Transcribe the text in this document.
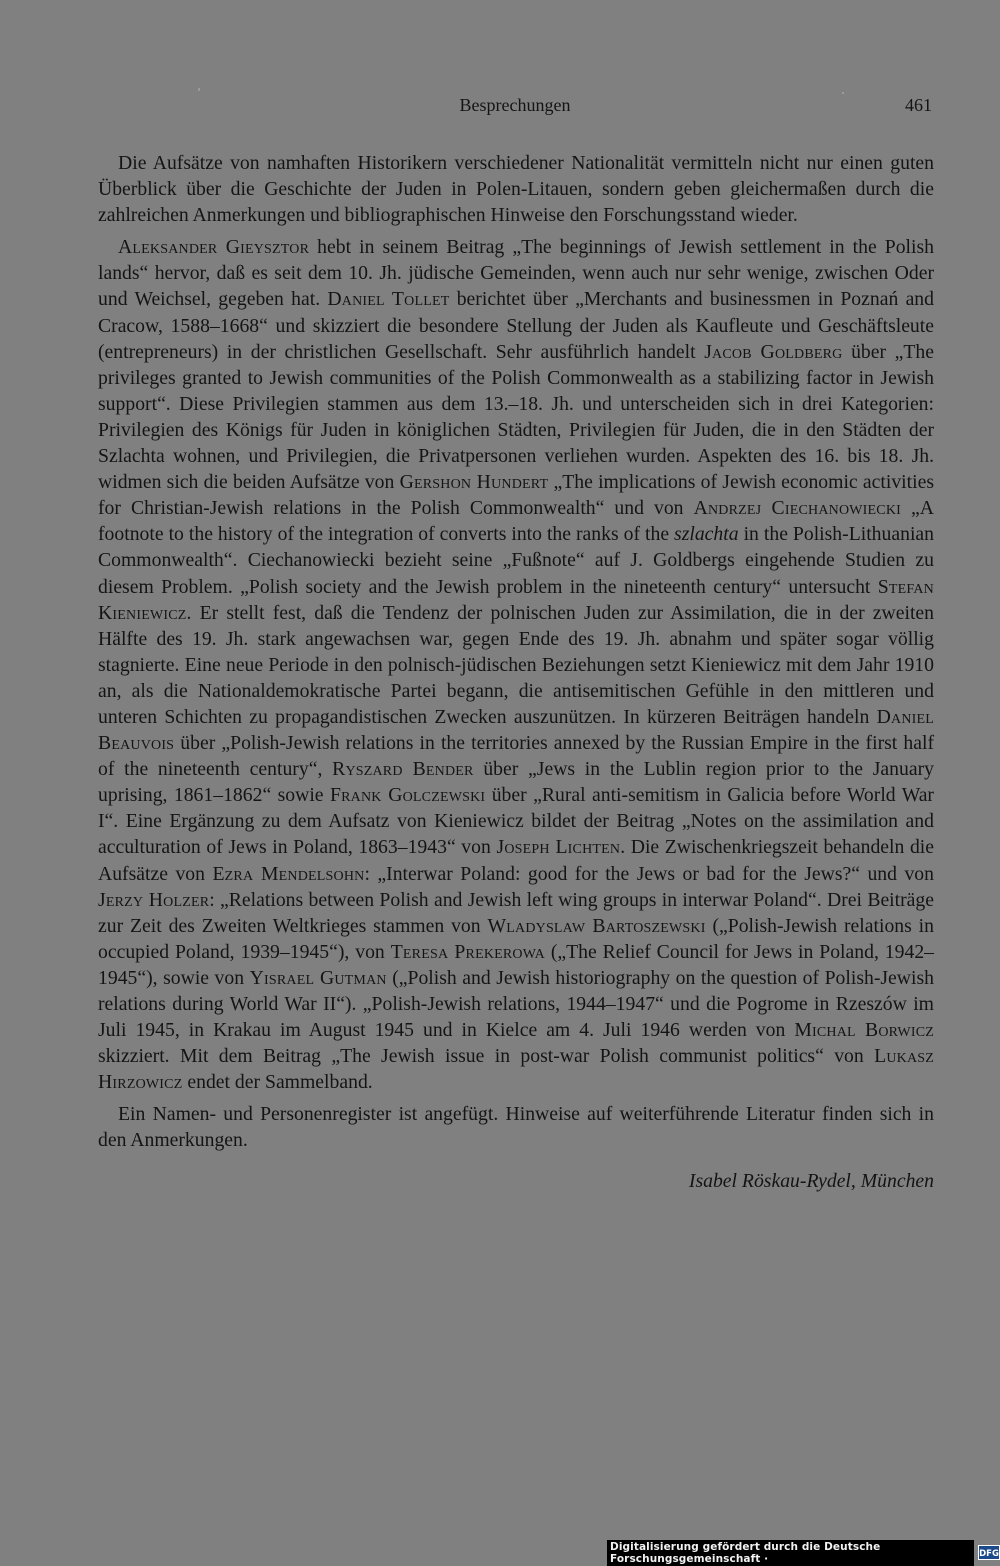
Besprechungen	461

Die Aufsätze von namhaften Historikern verschiedener Nationalität vermitteln nicht nur einen guten Überblick über die Geschichte der Juden in Polen-Litauen, sondern geben gleichermaßen durch die zahlreichen Anmerkungen und bibliographischen Hinweise den Forschungsstand wieder.

Aleksander Gieysztor hebt in seinem Beitrag „The beginnings of Jewish settlement in the Polish lands“ hervor, daß es seit dem 10. Jh. jüdische Gemeinden, wenn auch nur sehr wenige, zwischen Oder und Weichsel, gegeben hat. Daniel Tollet berichtet über „Merchants and businessmen in Poznań and Cracow, 1588–1668“ und skizziert die besondere Stellung der Juden als Kaufleute und Geschäftsleute (entrepreneurs) in der christlichen Gesellschaft. Sehr ausführlich handelt Jacob Goldberg über „The privileges granted to Jewish communities of the Polish Commonwealth as a stabilizing factor in Jewish support“. Diese Privilegien stammen aus dem 13.–18. Jh. und unterscheiden sich in drei Kategorien: Privilegien des Königs für Juden in königlichen Städten, Privilegien für Juden, die in den Städten der Szlachta wohnen, und Privilegien, die Privatpersonen verliehen wurden. Aspekten des 16. bis 18. Jh. widmen sich die beiden Aufsätze von Gershon Hundert „The implications of Jewish economic activities for Christian-Jewish relations in the Polish Commonwealth“ und von Andrzej Ciechanowiecki „A footnote to the history of the integration of converts into the ranks of the szlachta in the Polish-Lithuanian Commonwealth“. Ciechanowiecki bezieht seine „Fußnote“ auf J. Goldbergs eingehende Studien zu diesem Problem. „Polish society and the Jewish problem in the nineteenth century“ untersucht Stefan Kieniewicz. Er stellt fest, daß die Tendenz der polnischen Juden zur Assimilation, die in der zweiten Hälfte des 19. Jh. stark angewachsen war, gegen Ende des 19. Jh. abnahm und später sogar völlig stagnierte. Eine neue Periode in den polnisch-jüdischen Beziehungen setzt Kieniewicz mit dem Jahr 1910 an, als die Nationaldemokratische Partei begann, die antisemitischen Gefühle in den mittleren und unteren Schichten zu propagandistischen Zwecken auszunützen. In kürzeren Beiträgen handeln Daniel Beauvois über „Polish-Jewish relations in the territories annexed by the Russian Empire in the first half of the nineteenth century“, Ryszard Bender über „Jews in the Lublin region prior to the January uprising, 1861–1862“ sowie Frank Golczewski über „Rural anti-semitism in Galicia before World War I“. Eine Ergänzung zu dem Aufsatz von Kieniewicz bildet der Beitrag „Notes on the assimilation and acculturation of Jews in Poland, 1863–1943“ von Joseph Lichten. Die Zwischenkriegszeit behandeln die Aufsätze von Ezra Mendelsohn: „Interwar Poland: good for the Jews or bad for the Jews?“ und von Jerzy Holzer: „Relations between Polish and Jewish left wing groups in interwar Poland“. Drei Beiträge zur Zeit des Zweiten Weltkrieges stammen von Wladyslaw Bartoszewski („Polish-Jewish relations in occupied Poland, 1939–1945“), von Teresa Prekerowa („The Relief Council for Jews in Poland, 1942–1945“), sowie von Yisrael Gutman („Polish and Jewish historiography on the question of Polish-Jewish relations during World War II“). „Polish-Jewish relations, 1944–1947“ und die Pogrome in Rzeszów im Juli 1945, in Krakau im August 1945 und in Kielce am 4. Juli 1946 werden von Michal Borwicz skizziert. Mit dem Beitrag „The Jewish issue in post-war Polish communist politics“ von Lukasz Hirzowicz endet der Sammelband.

Ein Namen- und Personenregister ist angefügt. Hinweise auf weiterführende Literatur finden sich in den Anmerkungen.

Isabel Röskau-Rydel, München
Digitalisierung gefördert durch die Deutsche Forschungsgemeinschaft ·	DFG
